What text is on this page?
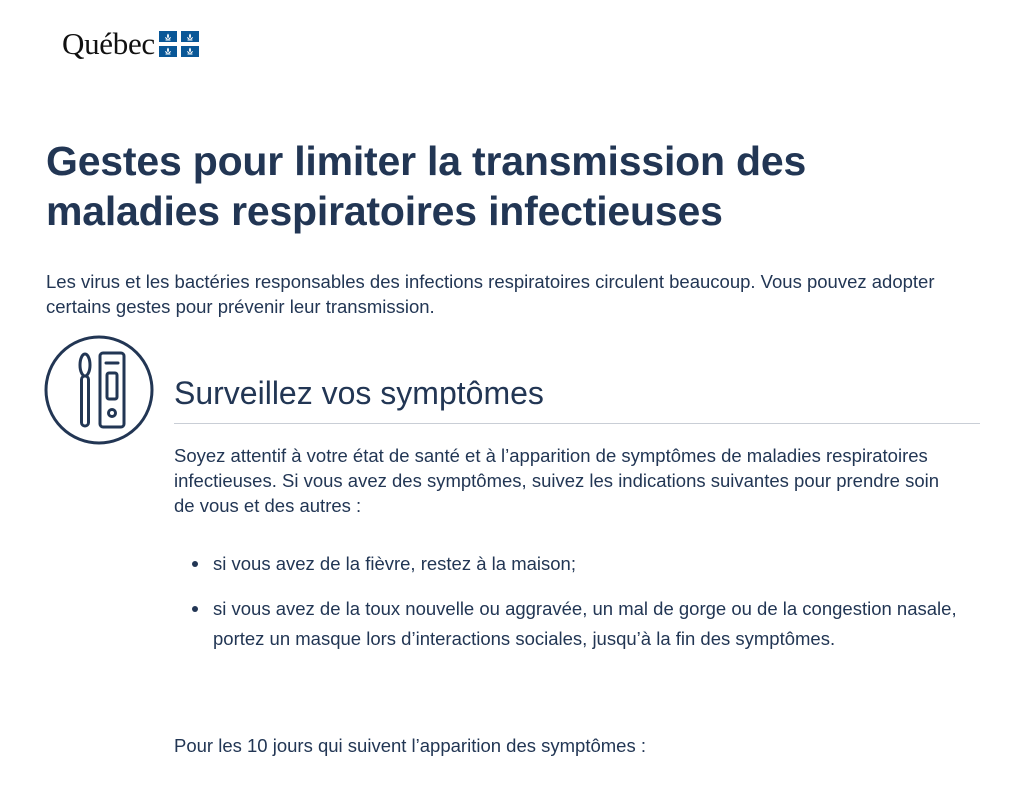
Québec
Gestes pour limiter la transmission des maladies respiratoires infectieuses

Les virus et les bactéries responsables des infections respiratoires circulent beaucoup. Vous pouvez adopter certains gestes pour prévenir leur transmission.

Surveillez vos symptômes

Soyez attentif à votre état de santé et à l’apparition de symptômes de maladies respiratoires infectieuses. Si vous avez des symptômes, suivez les indications suivantes pour prendre soin de vous et des autres :

si vous avez de la fièvre, restez à la maison;
si vous avez de la toux nouvelle ou aggravée, un mal de gorge ou de la congestion nasale, portez un masque lors d’interactions sociales, jusqu’à la fin des symptômes.

Pour les 10 jours qui suivent l’apparition des symptômes :
